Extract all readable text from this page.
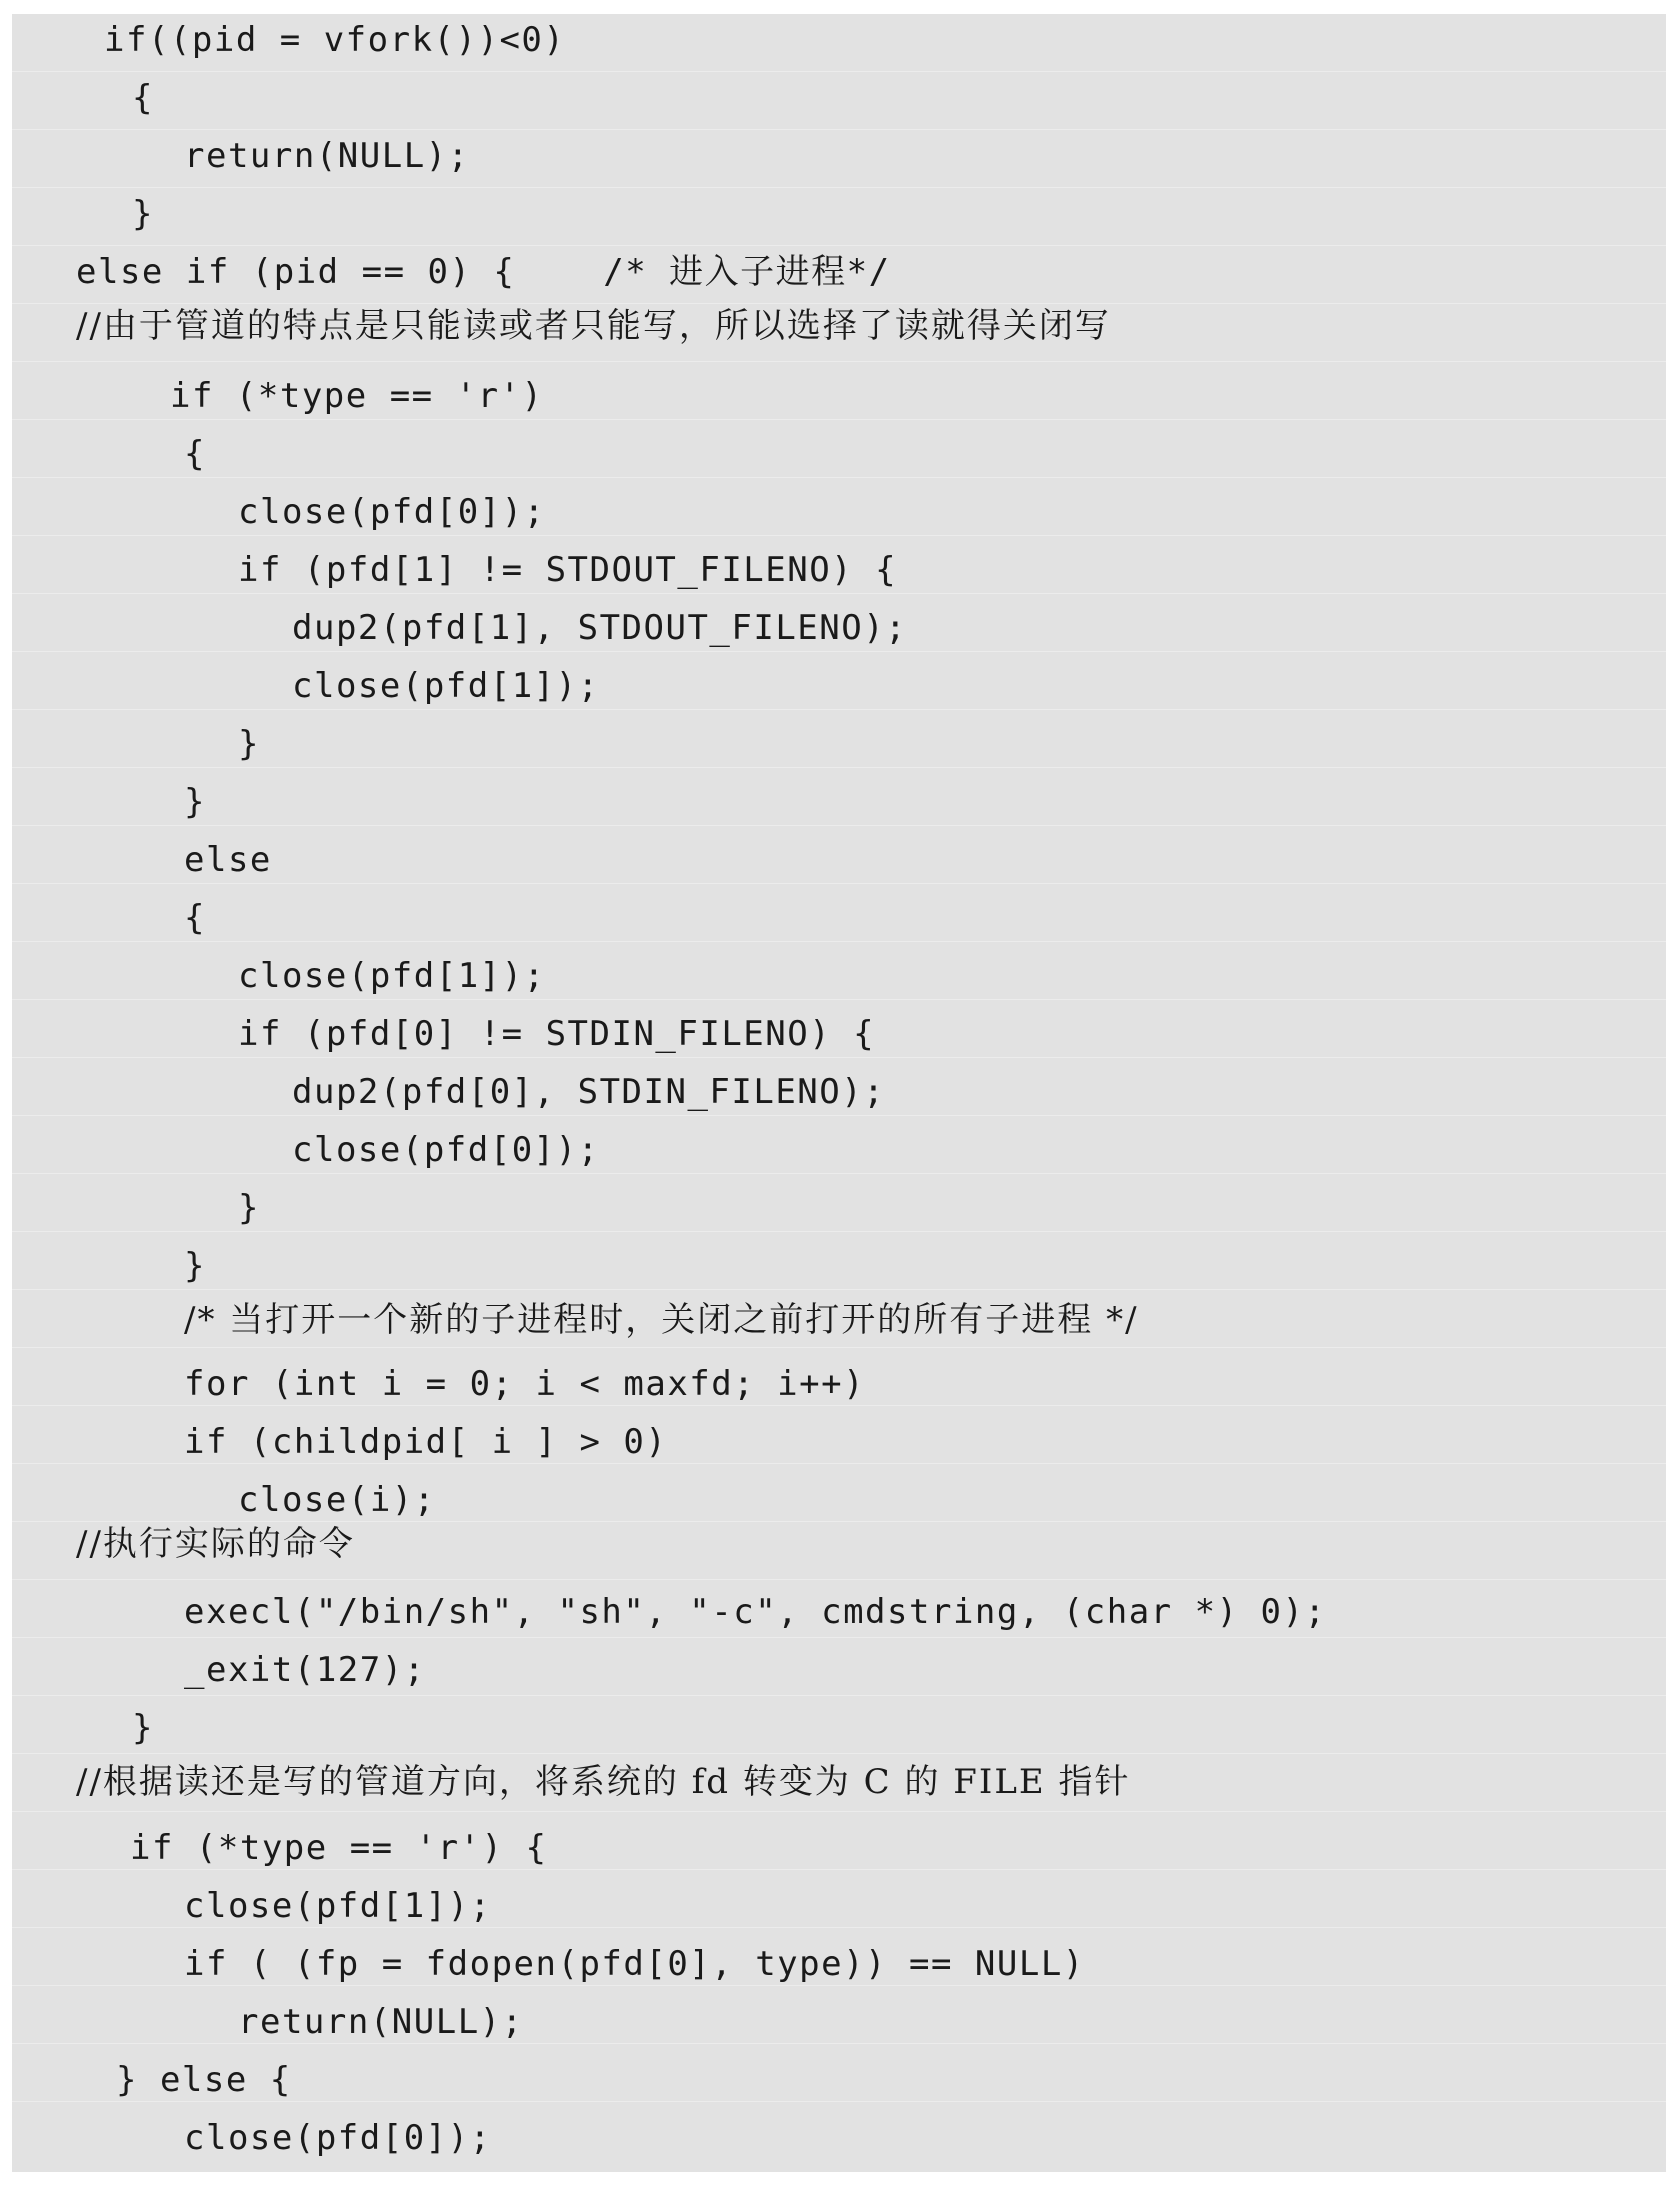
if((pid = vfork())<0)
{
return(NULL);
}
else if (pid == 0) {    /* 进入子进程*/
//由于管道的特点是只能读或者只能写，所以选择了读就得关闭写
if (*type == 'r')
{
close(pfd[0]);
if (pfd[1] != STDOUT_FILENO) {
dup2(pfd[1], STDOUT_FILENO);
close(pfd[1]);
}
}
else
{
close(pfd[1]);
if (pfd[0] != STDIN_FILENO) {
dup2(pfd[0], STDIN_FILENO);
close(pfd[0]);
}
}
/* 当打开一个新的子进程时，关闭之前打开的所有子进程 */
for (int i = 0; i < maxfd; i++)
if (childpid[ i ] > 0)
close(i);
//执行实际的命令
execl("/bin/sh", "sh", "-c", cmdstring, (char *) 0);
_exit(127);
}
//根据读还是写的管道方向，将系统的 fd 转变为 C 的 FILE 指针
if (*type == 'r') {
close(pfd[1]);
if ( (fp = fdopen(pfd[0], type)) == NULL)
return(NULL);
} else {
close(pfd[0]);
